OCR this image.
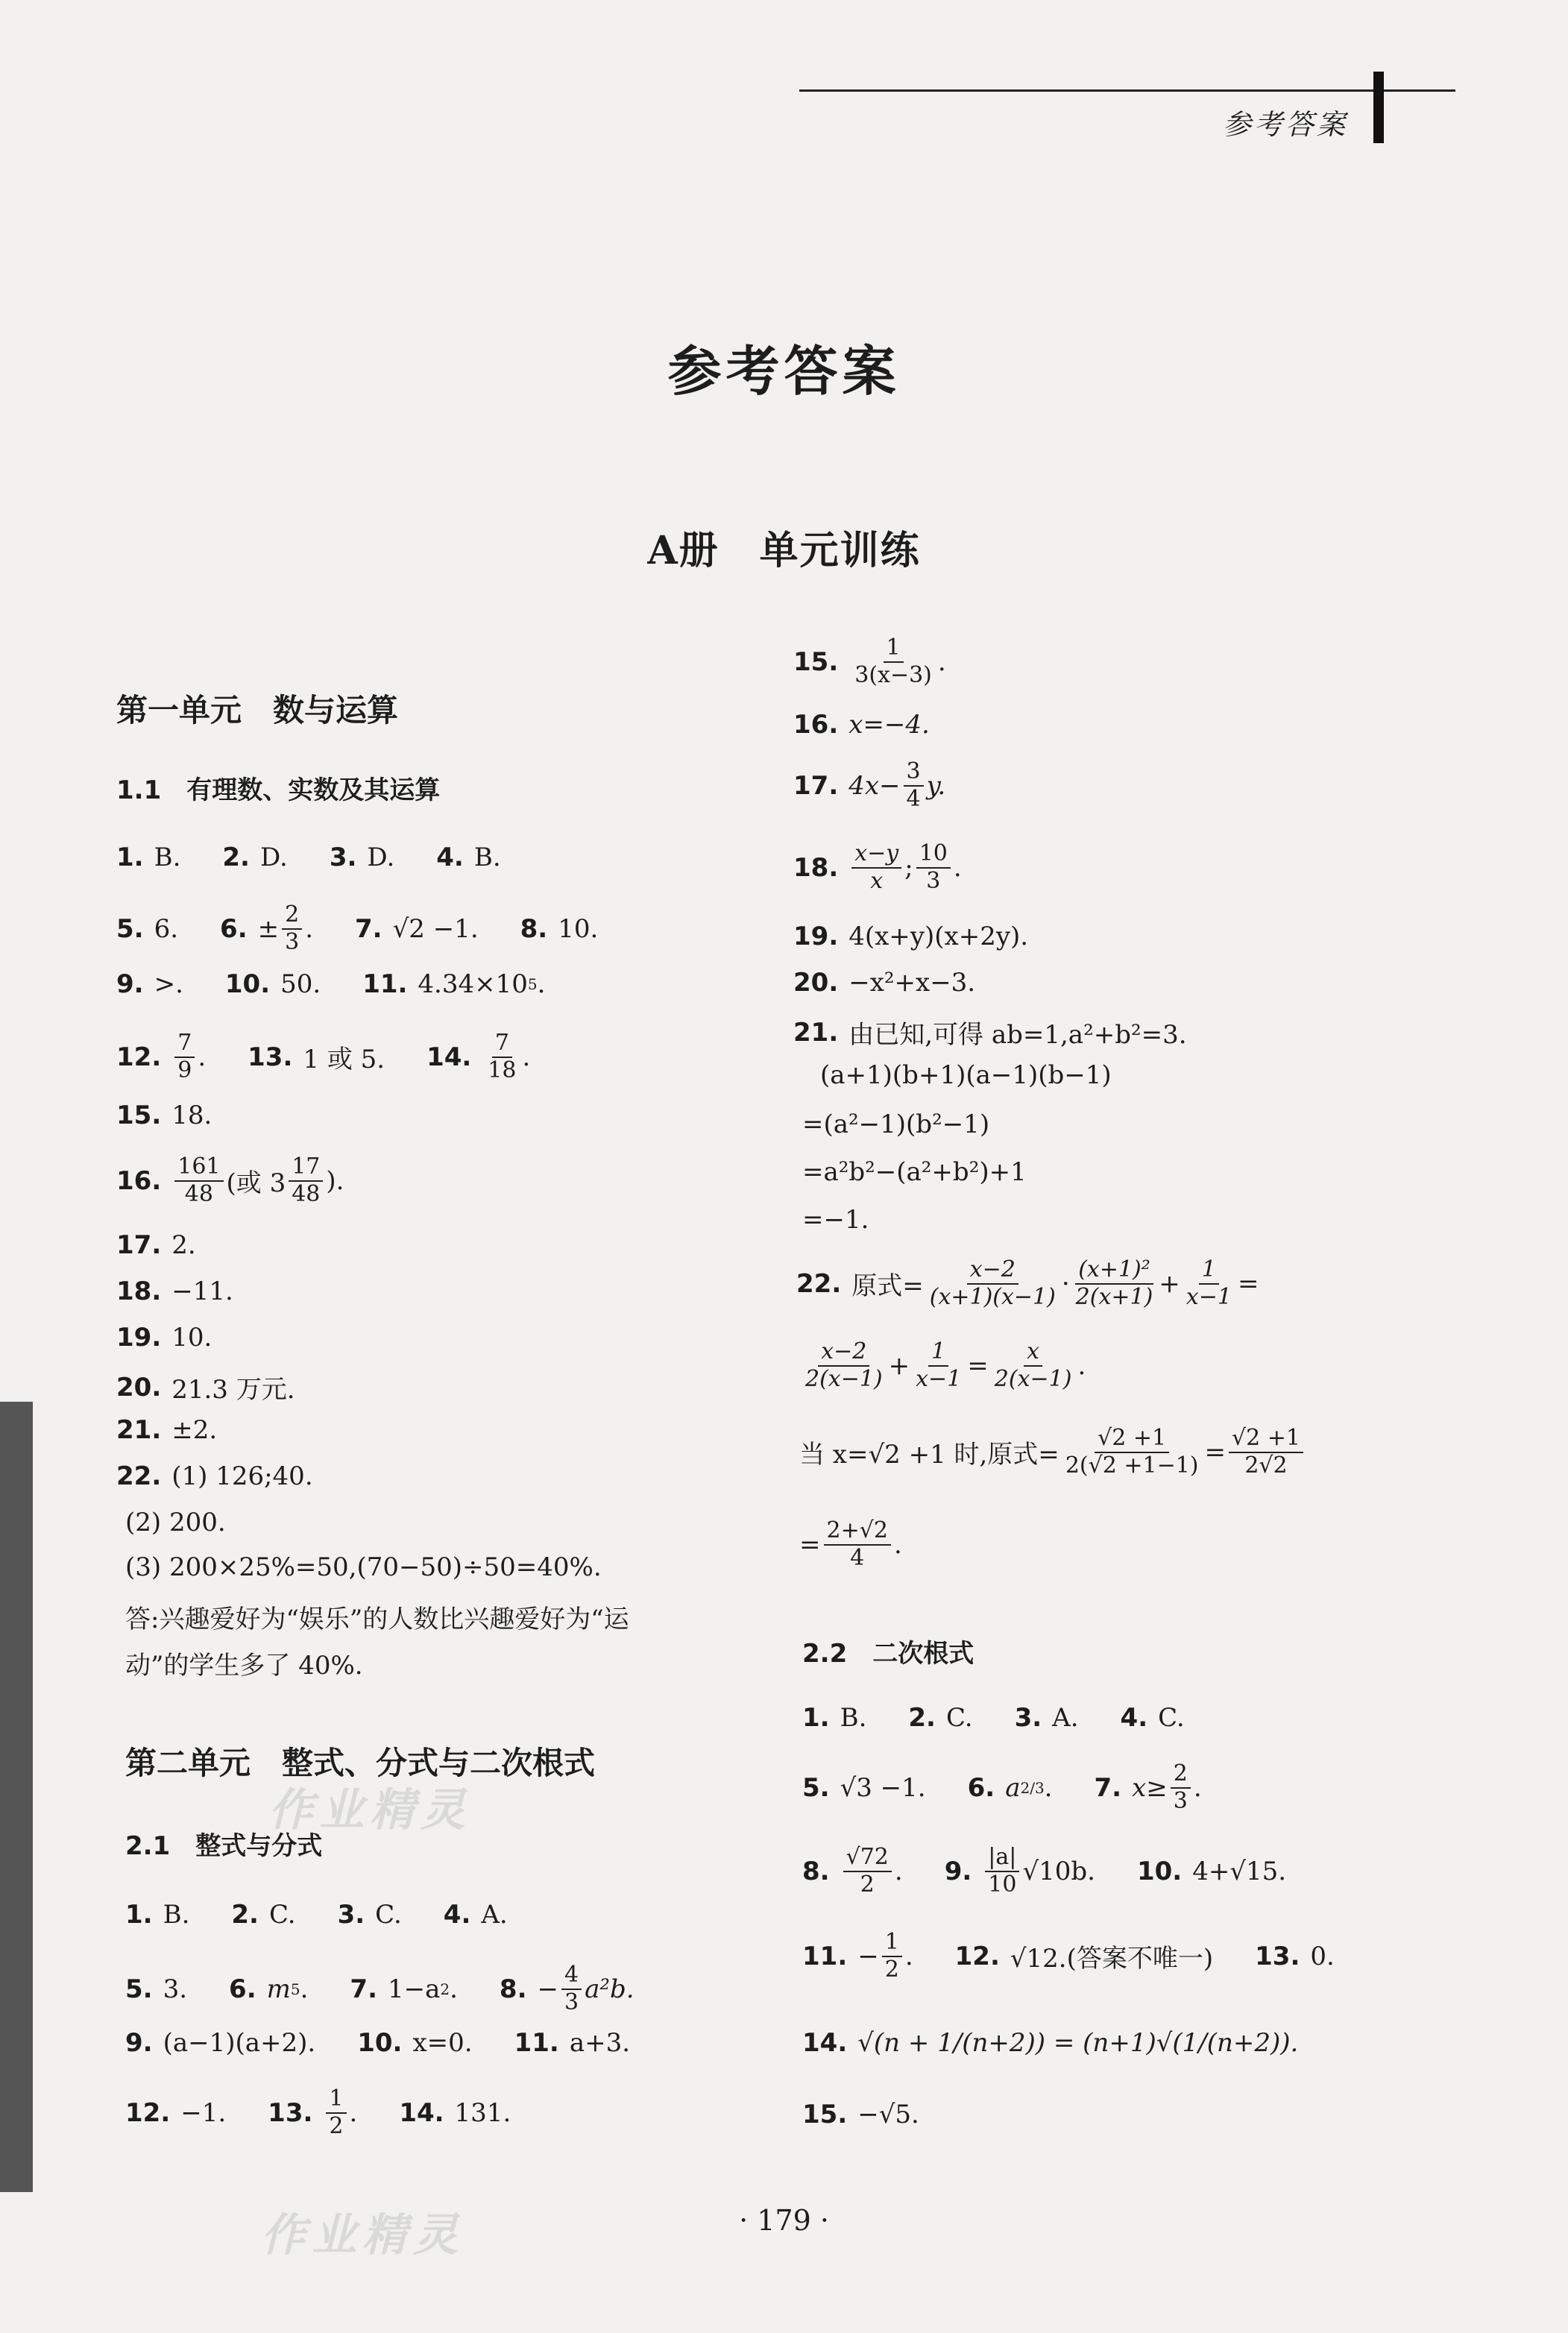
参考答案
参考答案
A册　单元训练
第一单元　数与运算
1.1　有理数、实数及其运算
1. B. 2. D. 3. D. 4. B.
5. 6. 6. ± $\frac{2}{3}$ . 7. √2 −1. 8. 10.
9. >. 10. 50. 11. 4.34×10 5 .
12. $\frac{7}{9}$ . 13. 1 或 5. 14. $\frac{7}{18}$ .
15. 18.
16. $\frac{161}{48}$ (或 $3 \frac{17}{48}$ ).
17. 2.
18. −11.
19. 10.
20. 21.3 万元.
21. ±2.
22. (1) 126;40.
(2) 200.
(3) 200×25%=50,(70−50)÷50=40%.
答:兴趣爱好为“娱乐”的人数比兴趣爱好为“运
动”的学生多了 40%.
第二单元　整式、分式与二次根式
2.1　整式与分式
1. B. 2. C. 3. C. 4. A.
5. 3. 6. m 5 . 7. 1−a 2 . 8. − $\frac{4}{3} a^2b$.
9. (a−1)(a+2). 10. x=0. 11. a+3.
12. −1. 13. $\frac{1}{2}$ . 14. 131.
作业精灵
作业精灵
15. $\frac{1}{3(x-3)}$ .
16. x=−4.
17. $4x- \frac{3}{4} y$.
18. $\frac{x-y}{x}$ ; $\frac{10}{3}$ .
19. 4(x+y)(x+2y).
20. −x²+x−3.
21. 由已知,可得 ab=1,a²+b²=3.
(a+1)(b+1)(a−1)(b−1)
=(a²−1)(b²−1)
=a²b²−(a²+b²)+1
=−1.
22. 原式= $\frac{x-2}{(x+1)(x-1)} \cdot \frac{\text{(x+1)²}}{2(x+1)} + \frac{1}{x-1}$ =
$\frac{x-2}{2(x-1)} + \frac{1}{x-1} = \frac{x}{2(x-1)}$ .
当 x=√2 +1 时,原式= $\frac{√2 +1}{2(√2 +1-1)} = \frac{√2 +1}{2√2}$
= $\frac{2+√2}{4}$ .
2.2　二次根式
1. B. 2. C. 3. A. 4. C.
5. √3 −1. 6. a 2/3 . 7. $x\ge \frac{2}{3}$ .
8. $\frac{√72}{2}$ . 9. $\frac{|a|}{10} √10b$. 10. 4+√15.
11. − $\frac{1}{2}$ . 12. √12.(答案不唯一) 13. 0.
14. √(n + 1/(n+2)) = (n+1)√(1/(n+2)).
15. −√5.
· 179 ·
